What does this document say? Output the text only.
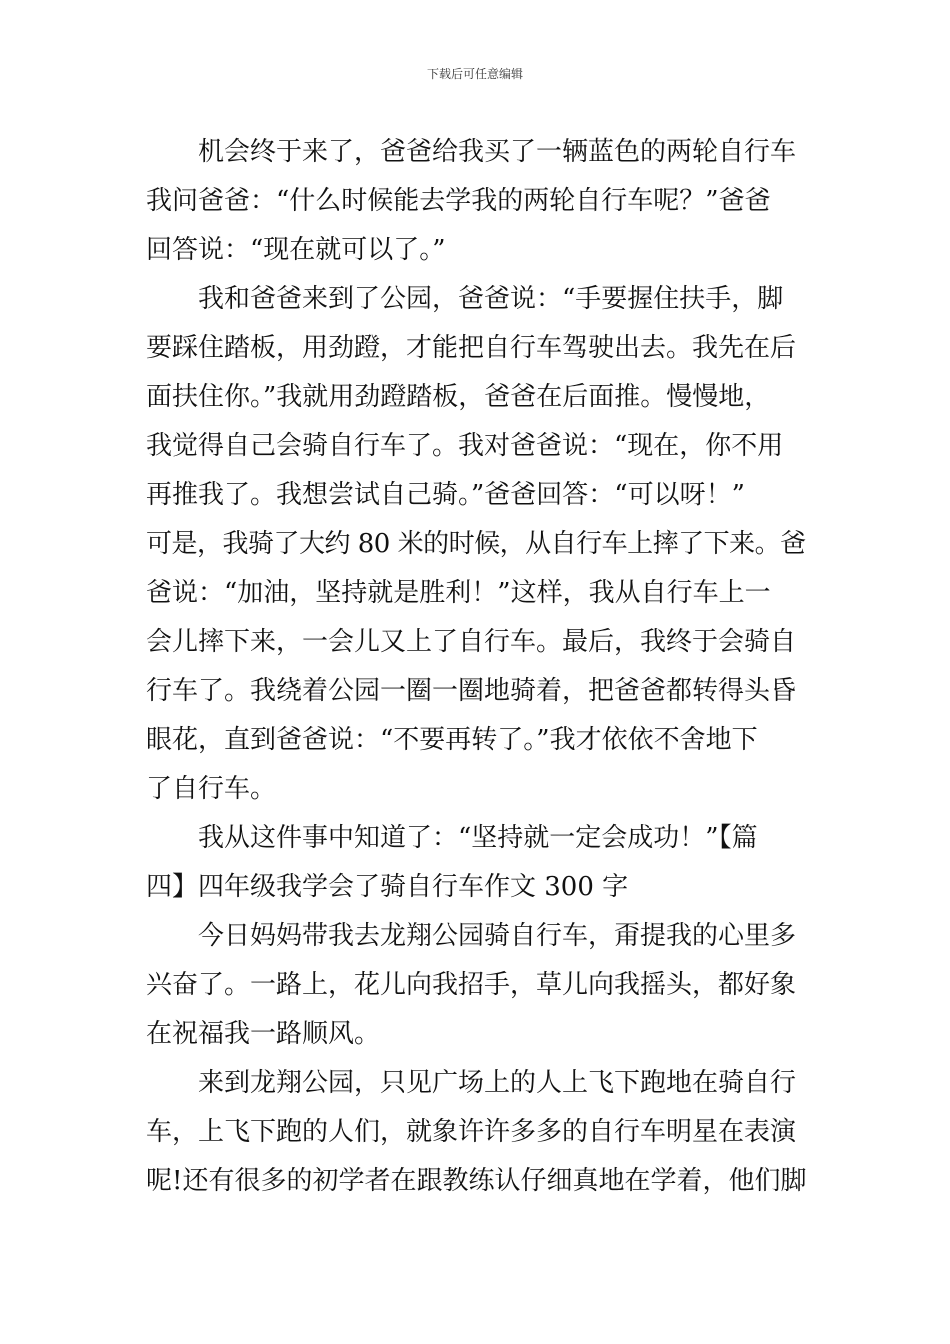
下载后可任意编辑
机会终于来了，爸爸给我买了一辆蓝色的两轮自行车
我问爸爸：“什么时候能去学我的两轮自行车呢？”爸爸
回答说：“现在就可以了。”
我和爸爸来到了公园，爸爸说：“手要握住扶手，脚
要踩住踏板，用劲蹬，才能把自行车驾驶出去。我先在后
面扶住你。”我就用劲蹬踏板，爸爸在后面推。慢慢地，
我觉得自己会骑自行车了。我对爸爸说：“现在，你不用
再推我了。我想尝试自己骑。”爸爸回答：“可以呀！”
可是，我骑了大约 80 米的时候，从自行车上摔了下来。爸
爸说：“加油，坚持就是胜利！”这样，我从自行车上一
会儿摔下来，一会儿又上了自行车。最后，我终于会骑自
行车了。我绕着公园一圈一圈地骑着，把爸爸都转得头昏
眼花，直到爸爸说：“不要再转了。”我才依依不舍地下
了自行车。
我从这件事中知道了：“坚持就一定会成功！”【篇
四】四年级我学会了骑自行车作文 300 字
今日妈妈带我去龙翔公园骑自行车，甭提我的心里多
兴奋了。一路上，花儿向我招手，草儿向我摇头，都好象
在祝福我一路顺风。
来到龙翔公园，只见广场上的人上飞下跑地在骑自行
车，上飞下跑的人们，就象许许多多的自行车明星在表演
呢!还有很多的初学者在跟教练认仔细真地在学着，他们脚
